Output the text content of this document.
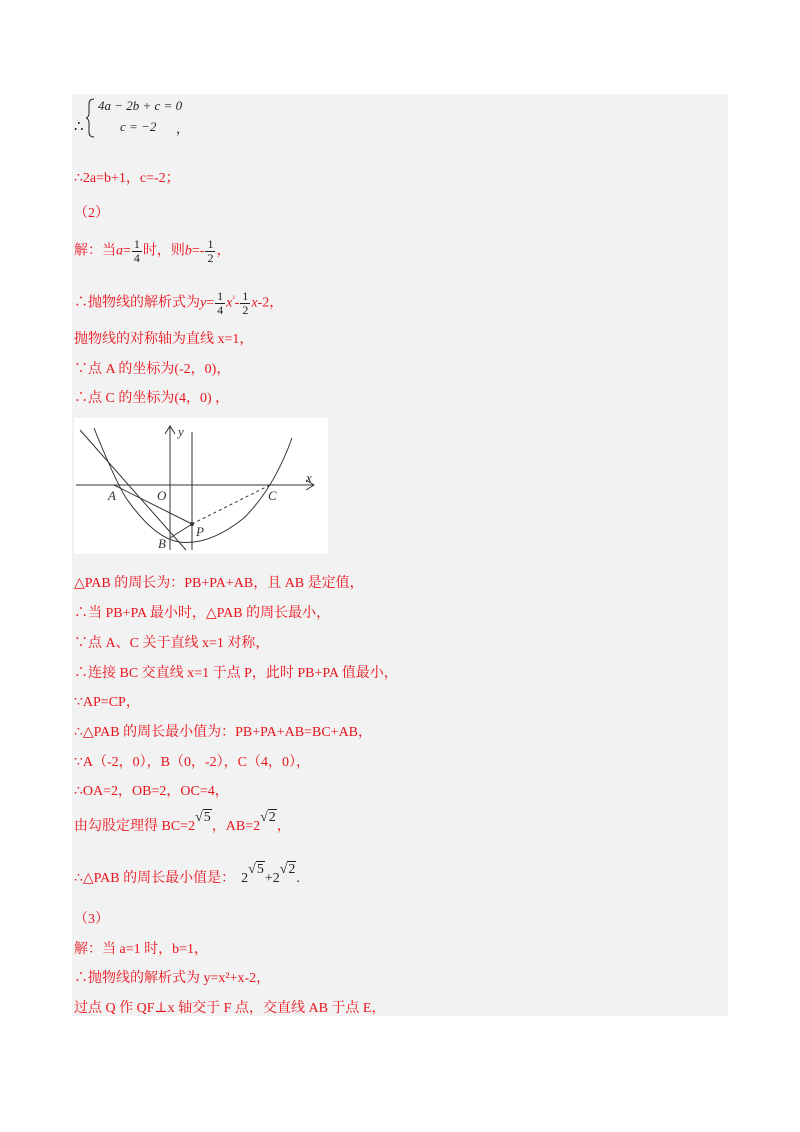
∴
4a − 2b + c = 0
c = −2 ，
∴2a=b+1，c=-2；
（2）
解：当$a= \frac{1}{4}$ 时，则$b=- \frac{1}{2}$ ，
∴抛物线的解析式为$y= \frac{1}{4} x^{^2}- \frac{1}{2} x-2$，
抛物线的对称轴为直线 x=1，
∵点 A 的坐标为(-2，0)，
∴点 C 的坐标为(4，0) ，
y
x
A	O	C
P
B
△PAB 的周长为：PB+PA+AB，且 AB 是定值，
∴当 PB+PA 最小时，△PAB 的周长最小，
∵点 A、C 关于直线 x=1 对称，
∴连接 BC 交直线 x=1 于点 P，此时 PB+PA 值最小，
∵AP=CP，
∴△PAB 的周长最小值为：PB+PA+AB=BC+AB，
∵A（-2，0），B（0，-2），C（4，0），
∴OA=2，OB=2，OC=4，
由勾股定理得 BC=2√5，AB=2√2，
∴△PAB 的周长最小值是： 2√5+2√2.
（3）
解：当 a=1 时，b=1，
∴抛物线的解析式为 y=x²+x-2，
过点 Q 作 QF⊥x 轴交于 F 点，交直线 AB 于点 E，
